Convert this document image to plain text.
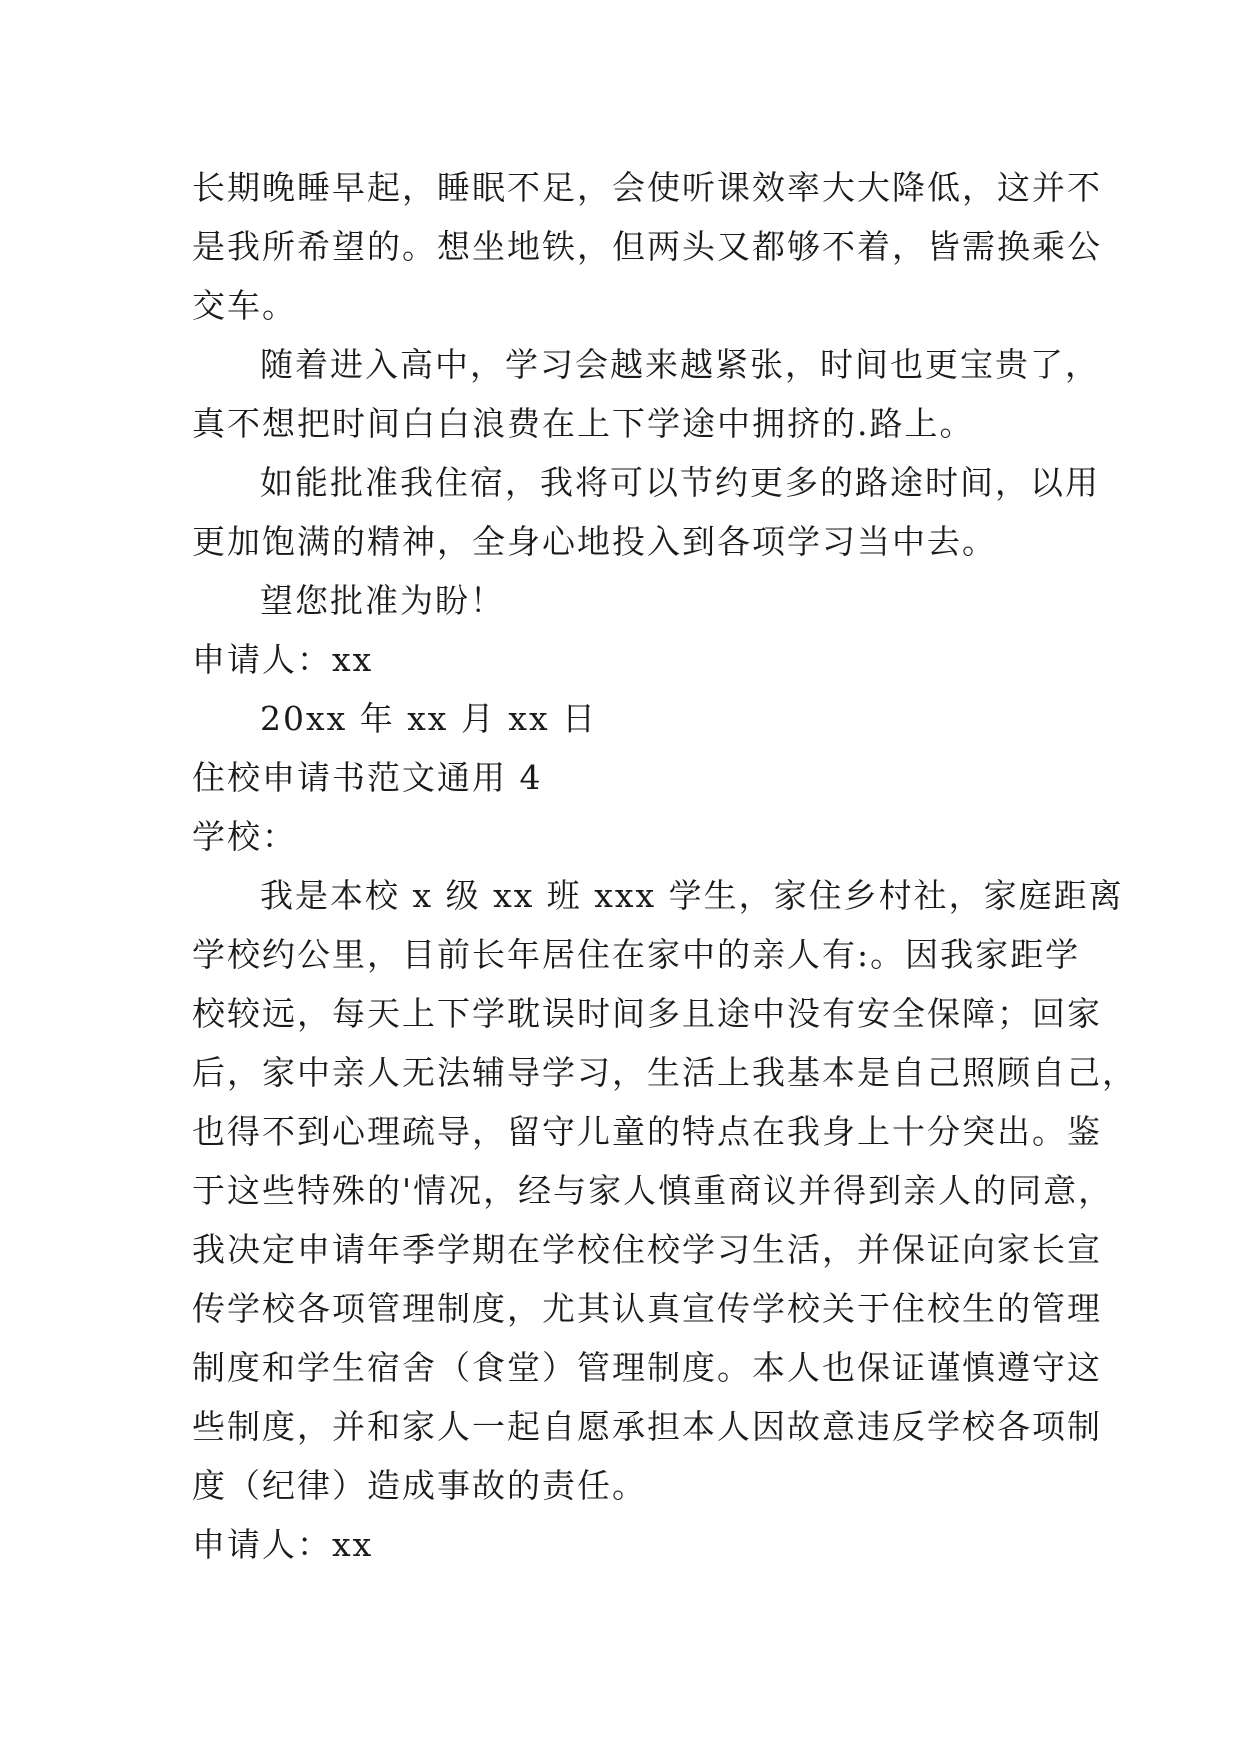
长期晚睡早起，睡眠不足，会使听课效率大大降低，这并不
是我所希望的。想坐地铁，但两头又都够不着，皆需换乘公
交车。
随着进入高中，学习会越来越紧张，时间也更宝贵了，
真不想把时间白白浪费在上下学途中拥挤的.路上。
如能批准我住宿，我将可以节约更多的路途时间，以用
更加饱满的精神，全身心地投入到各项学习当中去。
望您批准为盼！
申请人：xx
20xx 年 xx 月 xx 日
住校申请书范文通用 4
学校：
我是本校 x 级 xx 班 xxx 学生，家住乡村社，家庭距离
学校约公里，目前长年居住在家中的亲人有:。因我家距学
校较远，每天上下学耽误时间多且途中没有安全保障；回家
后，家中亲人无法辅导学习，生活上我基本是自己照顾自己，
也得不到心理疏导，留守儿童的特点在我身上十分突出。鉴
于这些特殊的'情况，经与家人慎重商议并得到亲人的同意，
我决定申请年季学期在学校住校学习生活，并保证向家长宣
传学校各项管理制度，尤其认真宣传学校关于住校生的管理
制度和学生宿舍（食堂）管理制度。本人也保证谨慎遵守这
些制度，并和家人一起自愿承担本人因故意违反学校各项制
度（纪律）造成事故的责任。
申请人：xx
